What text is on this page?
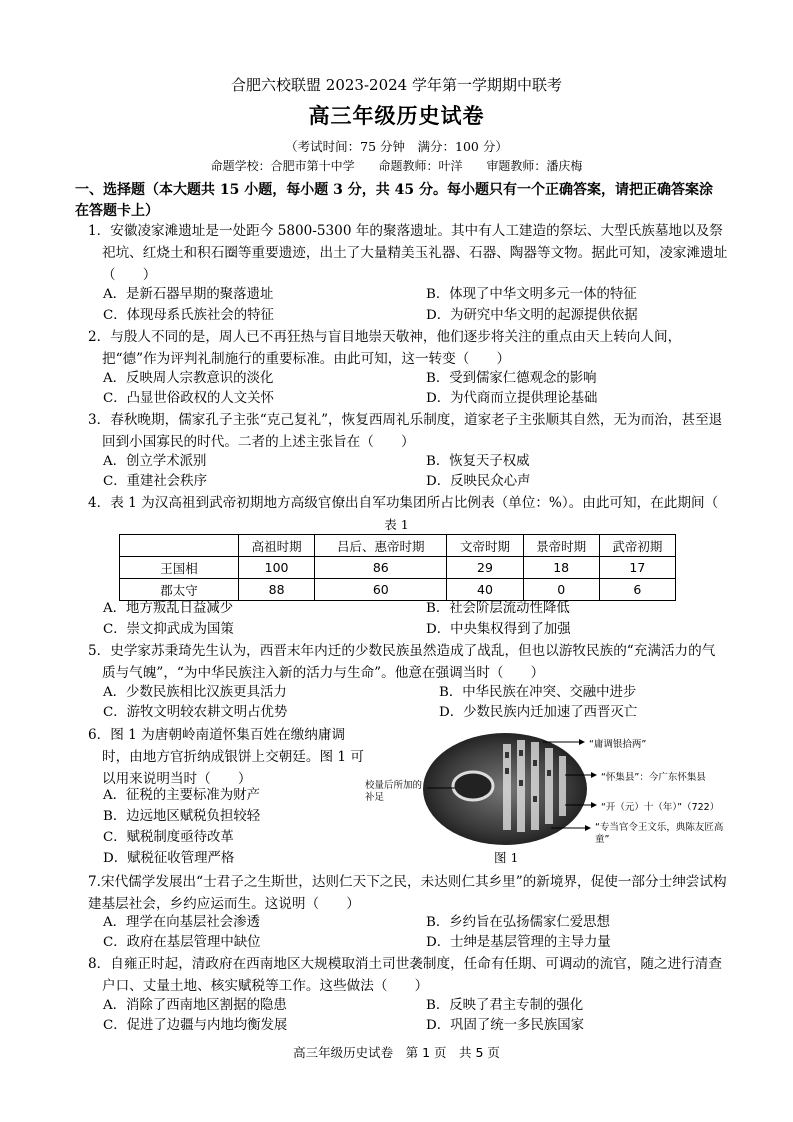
合肥六校联盟 2023-2024 学年第一学期期中联考
高三年级历史试卷
（考试时间：75 分钟　满分：100 分）
命题学校：合肥市第十中学 命题教师：叶洋 审题教师：潘庆梅
一、选择题（本大题共 15 小题，每小题 3 分，共 45 分。每小题只有一个正确答案，请把正确答案涂在答题卡上）
1．安徽凌家滩遗址是一处距今 5800-5300 年的聚落遗址。其中有人工建造的祭坛、大型氏族墓地以及祭祀坑、红烧土和积石圈等重要遗迹，出土了大量精美玉礼器、石器、陶器等文物。据此可知，凌家滩遗址（　　）
A．是新石器早期的聚落遗址	B．体现了中华文明多元一体的特征
C．体现母系氏族社会的特征	D．为研究中华文明的起源提供依据
2．与殷人不同的是，周人已不再狂热与盲目地崇天敬神，他们逐步将关注的重点由天上转向人间，把“德”作为评判礼制施行的重要标准。由此可知，这一转变（　　）
A．反映周人宗教意识的淡化	B．受到儒家仁德观念的影响
C．凸显世俗政权的人文关怀	D．为代商而立提供理论基础
3．春秋晚期，儒家孔子主张“克己复礼”，恢复西周礼乐制度，道家老子主张顺其自然，无为而治，甚至退回到小国寡民的时代。二者的上述主张旨在（　　）
A．创立学术派别	B．恢复天子权威
C．重建社会秩序	D．反映民众心声
4．表 1 为汉高祖到武帝初期地方高级官僚出自军功集团所占比例表（单位：%）。由此可知，在此期间（
表 1
	高祖时期	吕后、惠帝时期	文帝时期	景帝时期	武帝初期
王国相	100	86	29	18	17
郡太守	88	60	40	0	6
A．地方叛乱日益减少	B．社会阶层流动性降低
C．崇文抑武成为国策	D．中央集权得到了加强
5．史学家苏秉琦先生认为，西晋末年内迁的少数民族虽然造成了战乱，但也以游牧民族的“充满活力的气质与气魄”，“为中华民族注入新的活力与生命”。他意在强调当时（　　）
A．少数民族相比汉族更具活力	B．中华民族在冲突、交融中进步
C．游牧文明较农耕文明占优势	D．少数民族内迁加速了西晋灭亡
6．图 1 为唐朝岭南道怀集百姓在缴纳庸调时，由地方官折纳成银饼上交朝廷。图 1 可以用来说明当时（　　）
A．征税的主要标准为财产
B．边远地区赋税负担较轻
C．赋税制度亟待改革
D．赋税征收管理严格
校量后所加的补足
“庸调银拾两”
“怀集县”：今广东怀集县
“开（元）十（年）”（722）
“专当官令王文乐，典陈友匠高童”
图 1
7.宋代儒学发展出“士君子之生斯世，达则仁天下之民，未达则仁其乡里”的新境界，促使一部分士绅尝试构建基层社会，乡约应运而生。这说明（　　）
A．理学在向基层社会渗透	B．乡约旨在弘扬儒家仁爱思想
C．政府在基层管理中缺位	D．士绅是基层管理的主导力量
8．自雍正时起，清政府在西南地区大规模取消土司世袭制度，任命有任期、可调动的流官，随之进行清查户口、丈量土地、核实赋税等工作。这些做法（　　）
A．消除了西南地区割据的隐患	B．反映了君主专制的强化
C．促进了边疆与内地均衡发展	D．巩固了统一多民族国家
高三年级历史试卷　第 1 页　共 5 页
